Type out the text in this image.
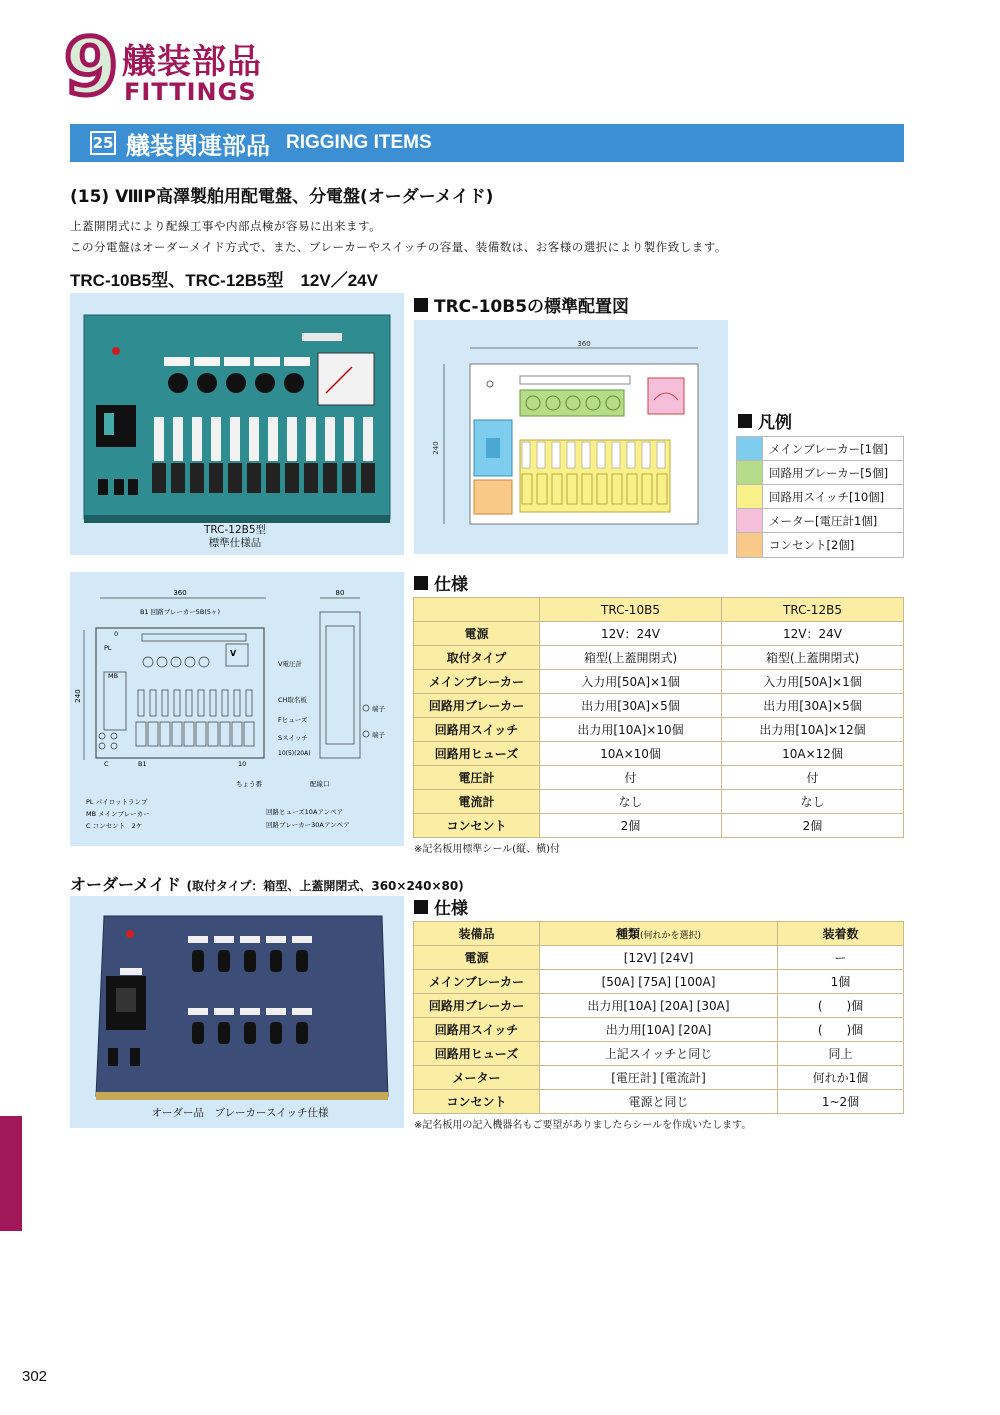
9 艤装部品
FITTINGS
25 艤装関連部品 RIGGING ITEMS
(15) ⅧP高澤製舶用配電盤、分電盤(オーダーメイド)
上蓋開閉式により配線工事や内部点検が容易に出来ます。
この分電盤はオーダーメイド方式で、また、ブレーカーやスイッチの容量、装備数は、お客様の選択により製作致します。
TRC-10B5型、TRC-12B5型　12V／24V
TRC-12B5型
標準仕様品
TRC-10B5の標準配置図
360
240
凡例
メインブレーカー[1個]
回路用ブレーカー[5個]
回路用スイッチ[10個]
メーター[電圧計1個]
コンセント[2個]
360	80
B1 回路ブレーカー5B(5ヶ)
240
V
V電圧計
CH取名板
Fヒューズ
Sスイッチ
10(5)(20A)
端子
端子
ちょう番	配線口
PL
MB
C	B1	10
0
PL パイロットランプ
MB メインブレーカー
C コンセント　2ケ
回路ヒューズ10Aアンペア
回路ブレーカー30Aアンペア
仕様
	TRC-10B5	TRC-12B5
電源	12V：24V	12V：24V
取付タイプ	箱型(上蓋開閉式)	箱型(上蓋開閉式)
メインブレーカー	入力用[50A]×1個	入力用[50A]×1個
回路用ブレーカー	出力用[30A]×5個	出力用[30A]×5個
回路用スイッチ	出力用[10A]×10個	出力用[10A]×12個
回路用ヒューズ	10A×10個	10A×12個
電圧計	付	付
電流計	なし	なし
コンセント	2個	2個
※記名板用標準シール(縦、横)付
オーダーメイド (取付タイプ：箱型、上蓋開閉式、360×240×80)
オーダー品　ブレーカースイッチ仕様
仕様
装備品	種類(何れかを選択)	装着数
電源	[12V] [24V]	ー
メインブレーカー	[50A] [75A] [100A]	1個
回路用ブレーカー	出力用[10A] [20A] [30A]	(　　)個
回路用スイッチ	出力用[10A] [20A]	(　　)個
回路用ヒューズ	上記スイッチと同じ	同上
メーター	[電圧計] [電流計]	何れか1個
コンセント	電源と同じ	1~2個
※記名板用の記入機器名もご要望がありましたらシールを作成いたします。
302
